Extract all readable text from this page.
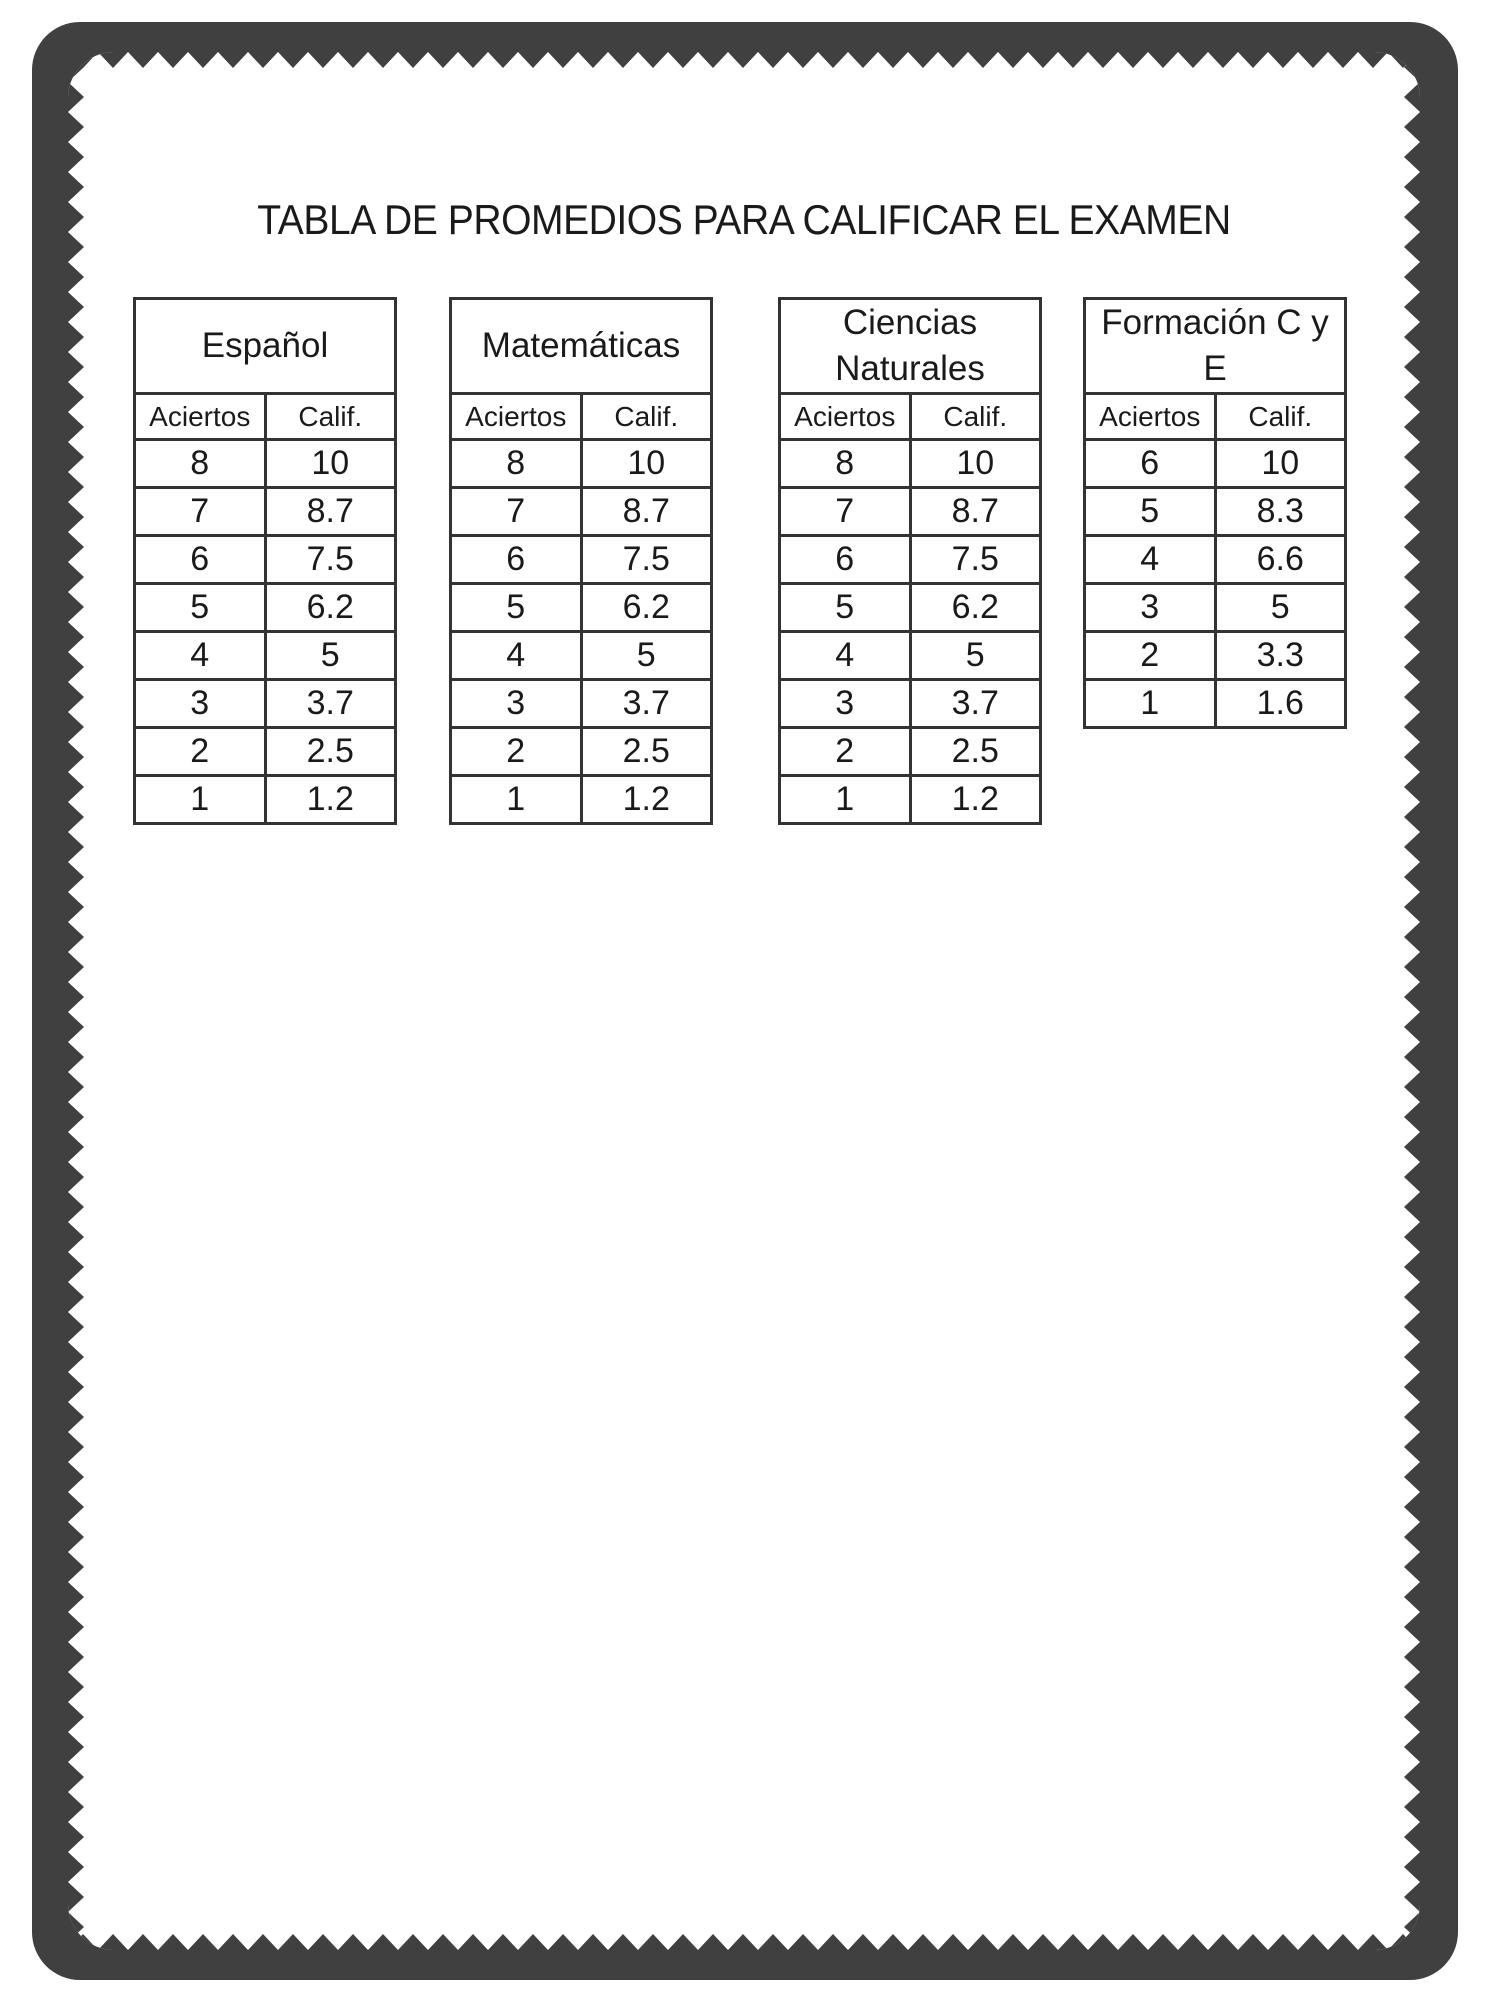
TABLA DE PROMEDIOS PARA CALIFICAR EL EXAMEN
Español	
Aciertos	Calif.
8	10
7	8.7
6	7.5
5	6.2
4	5
3	3.7
2	2.5
1	1.2
Matemáticas	
Aciertos	Calif.
8	10
7	8.7
6	7.5
5	6.2
4	5
3	3.7
2	2.5
1	1.2
Ciencias Naturales	
Aciertos	Calif.
8	10
7	8.7
6	7.5
5	6.2
4	5
3	3.7
2	2.5
1	1.2
Formación C y E	
Aciertos	Calif.
6	10
5	8.3
4	6.6
3	5
2	3.3
1	1.6
